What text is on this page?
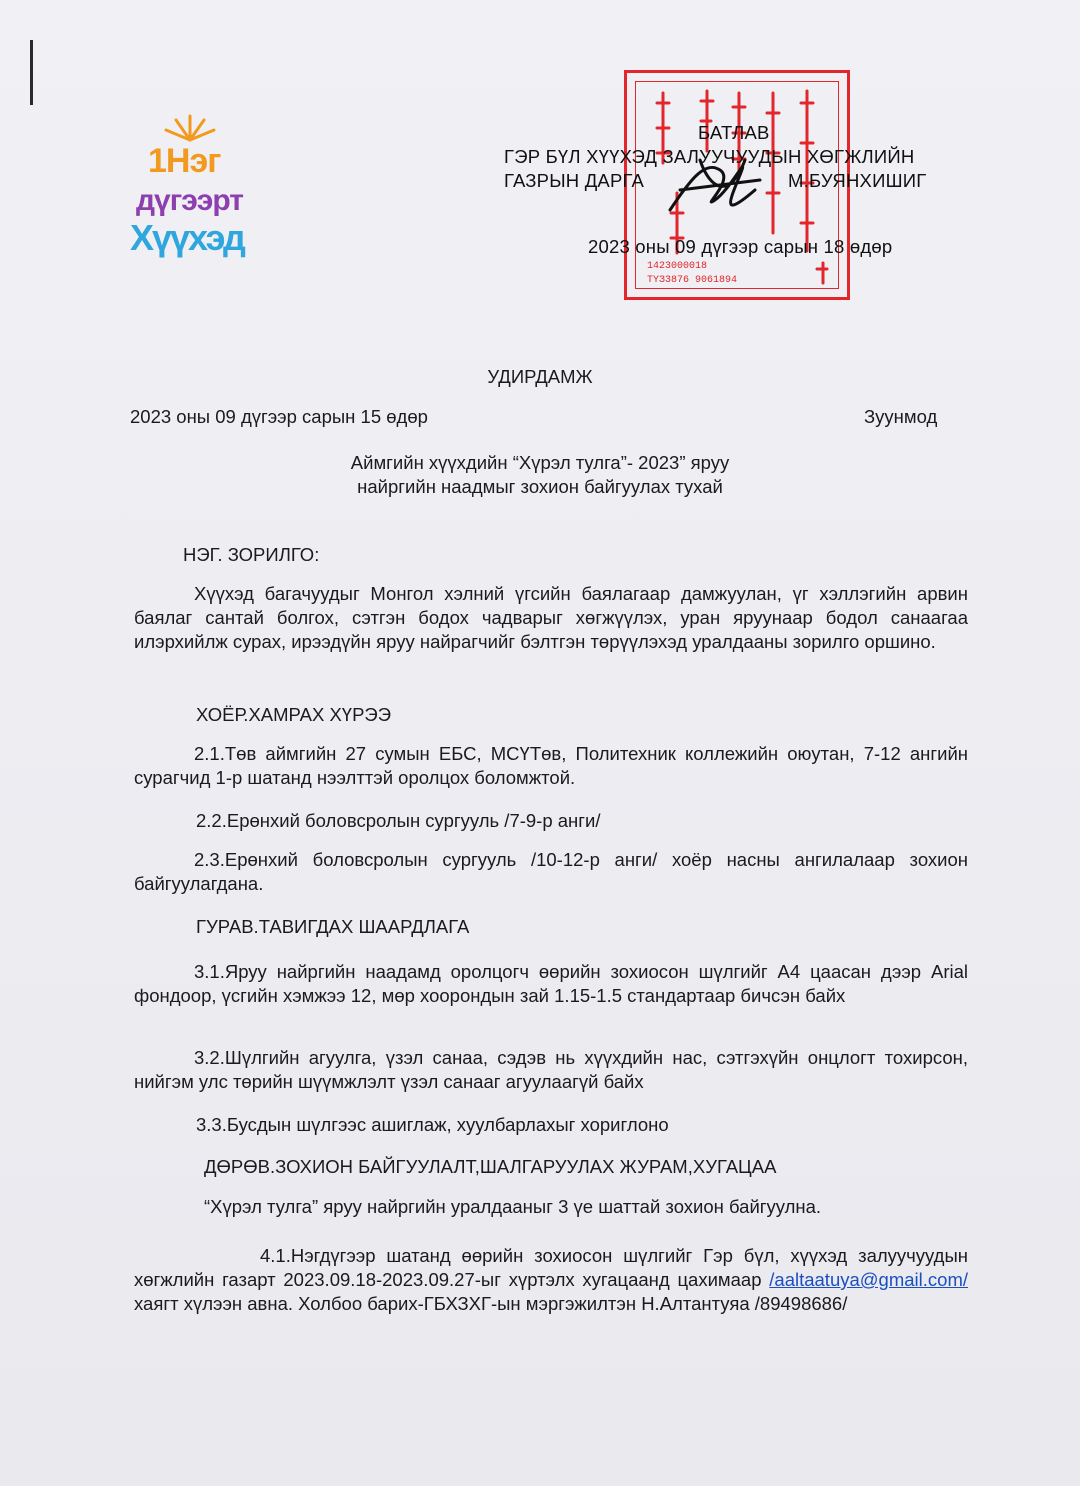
1Нэг
дүгээрт
Хүүхэд
1423000018
ТҮЗ3876 9061894
БАТЛАВ
ГЭР БҮЛ ХҮҮХЭД ЗАЛУУЧУУДЫН ХӨГЖЛИЙН
ГАЗРЫН ДАРГА	М.БУЯНХИШИГ
2023 оны 09 дүгээр сарын 18 өдөр
УДИРДАМЖ
2023 оны 09 дүгээр сарын 15 өдөр	Зуунмод
Аймгийн хүүхдийн “Хүрэл тулга”- 2023” яруу
найргийн наадмыг зохион байгуулах тухай
НЭГ. ЗОРИЛГО:
Хүүхэд багачуудыг Монгол хэлний үгсийн баялагаар дамжуулан, үг хэллэгийн арвин баялаг сантай болгох, сэтгэн бодох чадварыг хөгжүүлэх, уран яруунаар бодол санаагаа илэрхийлж сурах, ирээдүйн яруу найрагчийг бэлтгэн төрүүлэхэд уралдааны зорилго оршино.
ХОЁР.ХАМРАХ ХҮРЭЭ
2.1.Төв аймгийн 27 сумын ЕБС, МСҮТөв, Политехник коллежийн оюутан, 7-12 ангийн сурагчид 1-р шатанд нээлттэй оролцох боломжтой.
2.2.Ерөнхий боловсролын сургууль /7-9-р анги/
2.3.Ерөнхий боловсролын сургууль /10-12-р анги/ хоёр насны ангилалаар зохион байгуулагдана.
ГУРАВ.ТАВИГДАХ ШААРДЛАГА
3.1.Яруу найргийн наадамд оролцогч өөрийн зохиосон шүлгийг А4 цаасан дээр Arial фондоор, үсгийн хэмжээ 12, мөр хоорондын зай 1.15-1.5 стандартаар бичсэн байх
3.2.Шүлгийн агуулга, үзэл санаа, сэдэв нь хүүхдийн нас, сэтгэхүйн онцлогт тохирсон, нийгэм улс төрийн шүүмжлэлт үзэл санааг агуулаагүй байх
3.3.Бусдын шүлгээс ашиглаж, хуулбарлахыг хориглоно
ДӨРӨВ.ЗОХИОН БАЙГУУЛАЛТ,ШАЛГАРУУЛАХ ЖУРАМ,ХУГАЦАА
“Хүрэл тулга” яруу найргийн уралдааныг 3 үе шаттай зохион байгуулна.
4.1.Нэгдүгээр шатанд өөрийн зохиосон шүлгийг Гэр бүл, хүүхэд залуучуудын хөгжлийн газарт 2023.09.18-2023.09.27-ыг хүртэлх хугацаанд цахимаар /aaltaatuya@gmail.com/ хаягт хүлээн авна. Холбоо барих-ГБХЗХГ-ын мэргэжилтэн Н.Алтантуяа /89498686/
